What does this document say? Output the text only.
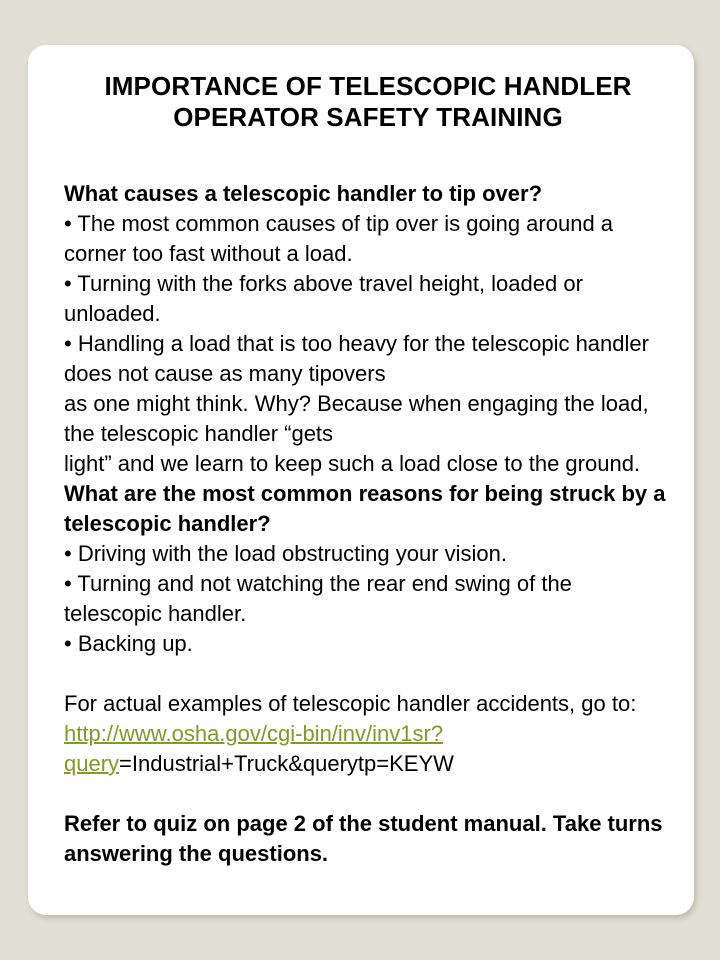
IMPORTANCE OF TELESCOPIC HANDLER
OPERATOR SAFETY TRAINING
What causes a telescopic handler to tip over?
• The most common causes of tip over is going around a corner too fast without a load.
• Turning with the forks above travel height, loaded or unloaded.
• Handling a load that is too heavy for the telescopic handler does not cause as many tipovers
as one might think. Why? Because when engaging the load, the telescopic handler “gets
light” and we learn to keep such a load close to the ground.
What are the most common reasons for being struck by a telescopic handler?
• Driving with the load obstructing your vision.
• Turning and not watching the rear end swing of the telescopic handler.
• Backing up.
For actual examples of telescopic handler accidents, go to:  http://www.osha.gov/cgi-bin/inv/inv1sr?query=Industrial+Truck&querytp=KEYW
Refer to quiz on page 2 of the student manual. Take turns answering the questions.
